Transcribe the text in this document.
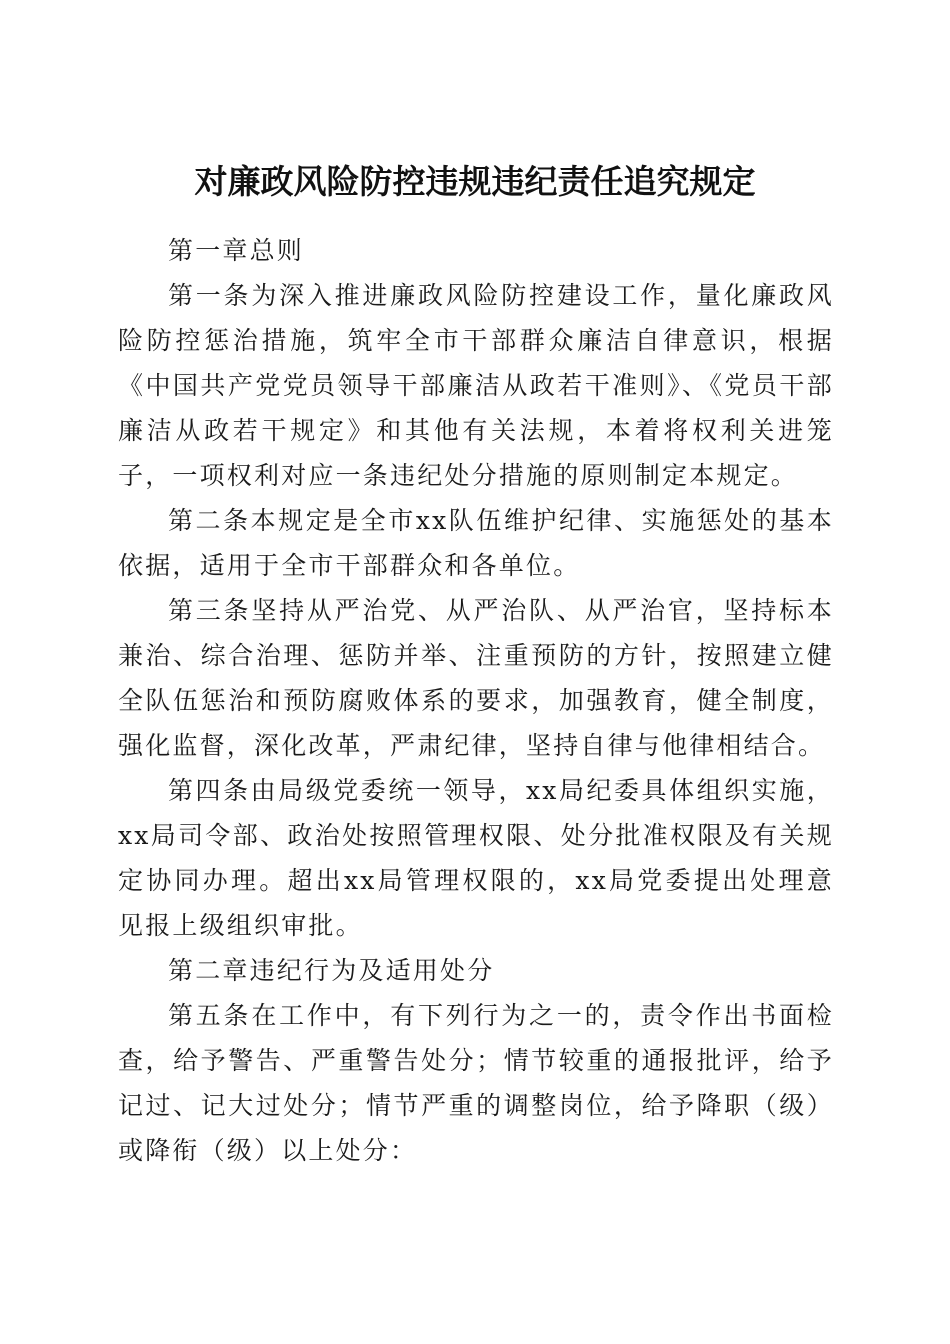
对廉政风险防控违规违纪责任追究规定

第一章总则

第一条为深入推进廉政风险防控建设工作，量化廉政风险防控惩治措施，筑牢全市干部群众廉洁自律意识，根据《中国共产党党员领导干部廉洁从政若干准则》、《党员干部廉洁从政若干规定》和其他有关法规，本着将权利关进笼子，一项权利对应一条违纪处分措施的原则制定本规定。

第二条本规定是全市xx队伍维护纪律、实施惩处的基本依据，适用于全市干部群众和各单位。

第三条坚持从严治党、从严治队、从严治官，坚持标本兼治、综合治理、惩防并举、注重预防的方针，按照建立健全队伍惩治和预防腐败体系的要求，加强教育，健全制度，强化监督，深化改革，严肃纪律，坚持自律与他律相结合。

第四条由局级党委统一领导，xx局纪委具体组织实施，xx局司令部、政治处按照管理权限、处分批准权限及有关规定协同办理。超出xx局管理权限的，xx局党委提出处理意见报上级组织审批。

第二章违纪行为及适用处分

第五条在工作中，有下列行为之一的，责令作出书面检查，给予警告、严重警告处分；情节较重的通报批评，给予记过、记大过处分；情节严重的调整岗位，给予降职（级）或降衔（级）以上处分：
